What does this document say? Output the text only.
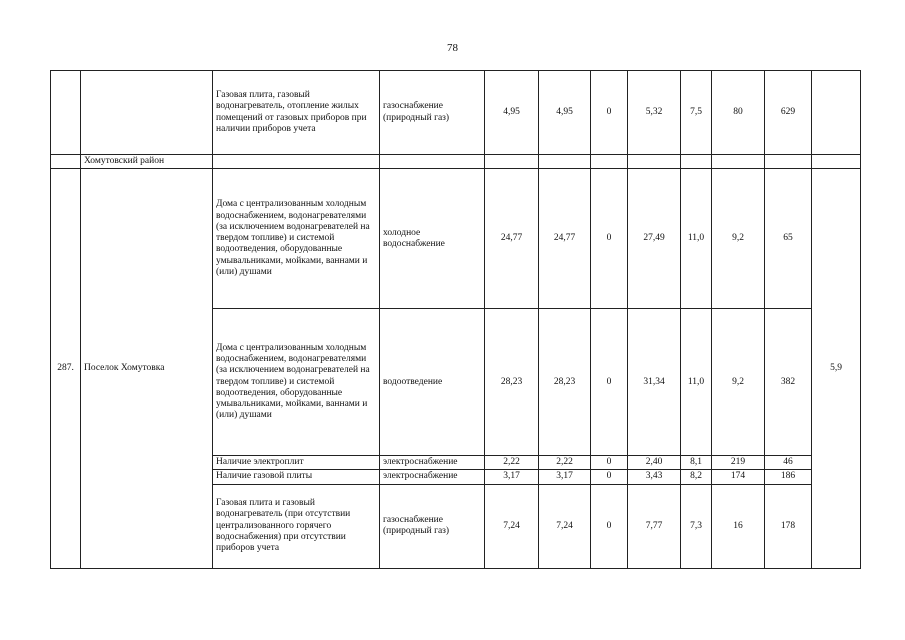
78
		Газовая плита, газовый водонагреватель, отопление жилых помещений от газовых приборов при наличии приборов учета	газоснабжение (природный газ)	4,95	4,95	0	5,32	7,5	80	629	
	Хомутовский район										
287.	Поселок Хомутовка	Дома с централизованным холодным водоснабжением, водонагревателями (за исключением водонагревателей на твердом топливе) и системой водоотведения, оборудованные умывальниками, мойками, ваннами и (или) душами	холодное водоснабжение	24,77	24,77	0	27,49	11,0	9,2	65	5,9
		Дома с централизованным холодным водоснабжением, водонагревателями (за исключением водонагревателей на твердом топливе) и системой водоотведения, оборудованные умывальниками, мойками, ваннами и (или) душами	водоотведение	28,23	28,23	0	31,34	11,0	9,2	382	
		Наличие электроплит	электроснабжение	2,22	2,22	0	2,40	8,1	219	46	
		Наличие газовой плиты	электроснабжение	3,17	3,17	0	3,43	8,2	174	186	
		Газовая плита и газовый водонагреватель (при отсутствии централизованного горячего водоснабжения) при отсутствии приборов учета	газоснабжение (природный газ)	7,24	7,24	0	7,77	7,3	16	178	
